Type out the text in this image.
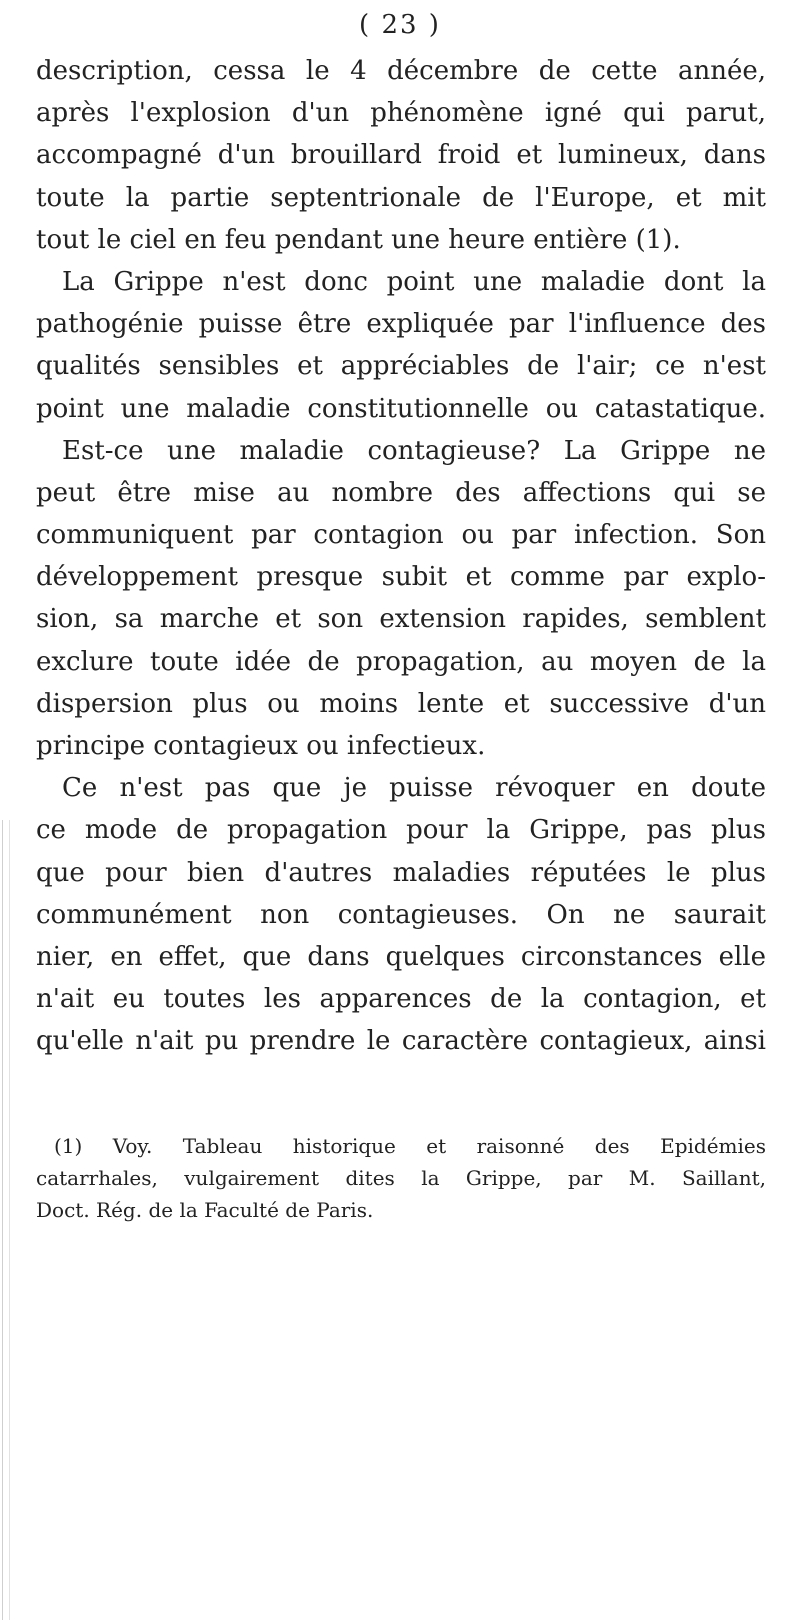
( 23 )
description, cessa le 4 décembre de cette année,
après l'explosion d'un phénomène igné qui parut,
accompagné d'un brouillard froid et lumineux, dans
toute la partie septentrionale de l'Europe, et mit
tout le ciel en feu pendant une heure entière (1).
La Grippe n'est donc point une maladie dont la
pathogénie puisse être expliquée par l'influence des
qualités sensibles et appréciables de l'air; ce n'est
point une maladie constitutionnelle ou catastatique.
Est-ce une maladie contagieuse? La Grippe ne
peut être mise au nombre des affections qui se
communiquent par contagion ou par infection. Son
développement presque subit et comme par explo-
sion, sa marche et son extension rapides, semblent
exclure toute idée de propagation, au moyen de la
dispersion plus ou moins lente et successive d'un
principe contagieux ou infectieux.
Ce n'est pas que je puisse révoquer en doute
ce mode de propagation pour la Grippe, pas plus
que pour bien d'autres maladies réputées le plus
communément non contagieuses. On ne saurait
nier, en effet, que dans quelques circonstances elle
n'ait eu toutes les apparences de la contagion, et
qu'elle n'ait pu prendre le caractère contagieux, ainsi
(1) Voy. Tableau historique et raisonné des Epidémies
catarrhales, vulgairement dites la Grippe, par M. Saillant,
Doct. Rég. de la Faculté de Paris.
